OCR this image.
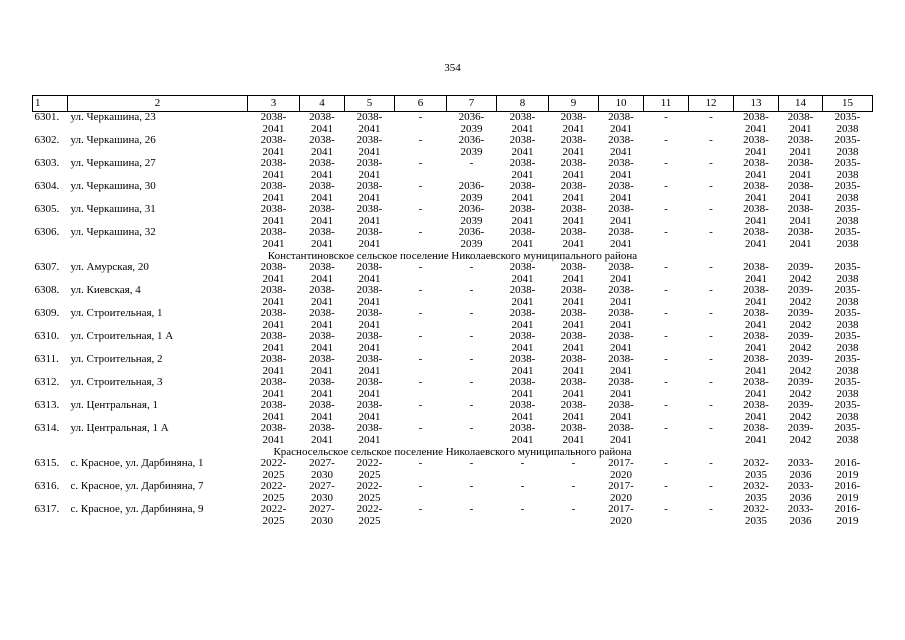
354
1	2	3	4	5	6	7	8	9	10	11	12	13	14	15
6301.	ул. Черкашина, 23	2038-
2041	2038-
2041	2038-
2041	-	2036-
2039	2038-
2041	2038-
2041	2038-
2041	-	-	2038-
2041	2038-
2041	2035-
2038

6302.	ул. Черкашина, 26	2038-
2041	2038-
2041	2038-
2041	-	2036-
2039	2038-
2041	2038-
2041	2038-
2041	-	-	2038-
2041	2038-
2041	2035-
2038

6303.	ул. Черкашина, 27	2038-
2041	2038-
2041	2038-
2041	-	-	2038-
2041	2038-
2041	2038-
2041	-	-	2038-
2041	2038-
2041	2035-
2038

6304.	ул. Черкашина, 30	2038-
2041	2038-
2041	2038-
2041	-	2036-
2039	2038-
2041	2038-
2041	2038-
2041	-	-	2038-
2041	2038-
2041	2035-
2038

6305.	ул. Черкашина, 31	2038-
2041	2038-
2041	2038-
2041	-	2036-
2039	2038-
2041	2038-
2041	2038-
2041	-	-	2038-
2041	2038-
2041	2035-
2038

6306.	ул. Черкашина, 32	2038-
2041	2038-
2041	2038-
2041	-	2036-
2039	2038-
2041	2038-
2041	2038-
2041	-	-	2038-
2041	2038-
2041	2035-
2038

Константиновское сельское поселение Николаевского муниципального района														
6307.	ул. Амурская, 20	2038-
2041	2038-
2041	2038-
2041	-	-	2038-
2041	2038-
2041	2038-
2041	-	-	2038-
2041	2039-
2042	2035-
2038

6308.	ул. Киевская, 4	2038-
2041	2038-
2041	2038-
2041	-	-	2038-
2041	2038-
2041	2038-
2041	-	-	2038-
2041	2039-
2042	2035-
2038

6309.	ул. Строительная, 1	2038-
2041	2038-
2041	2038-
2041	-	-	2038-
2041	2038-
2041	2038-
2041	-	-	2038-
2041	2039-
2042	2035-
2038

6310.	ул. Строительная, 1 А	2038-
2041	2038-
2041	2038-
2041	-	-	2038-
2041	2038-
2041	2038-
2041	-	-	2038-
2041	2039-
2042	2035-
2038

6311.	ул. Строительная, 2	2038-
2041	2038-
2041	2038-
2041	-	-	2038-
2041	2038-
2041	2038-
2041	-	-	2038-
2041	2039-
2042	2035-
2038

6312.	ул. Строительная, 3	2038-
2041	2038-
2041	2038-
2041	-	-	2038-
2041	2038-
2041	2038-
2041	-	-	2038-
2041	2039-
2042	2035-
2038

6313.	ул. Центральная, 1	2038-
2041	2038-
2041	2038-
2041	-	-	2038-
2041	2038-
2041	2038-
2041	-	-	2038-
2041	2039-
2042	2035-
2038

6314.	ул. Центральная, 1 А	2038-
2041	2038-
2041	2038-
2041	-	-	2038-
2041	2038-
2041	2038-
2041	-	-	2038-
2041	2039-
2042	2035-
2038

Красносельское сельское поселение Николаевского муниципального района														
6315.	с. Красное, ул. Дарбиняна, 1	2022-
2025	2027-
2030	2022-
2025	-	-	-	-	2017-
2020	-	-	2032-
2035	2033-
2036	2016-
2019

6316.	с. Красное, ул. Дарбиняна, 7	2022-
2025	2027-
2030	2022-
2025	-	-	-	-	2017-
2020	-	-	2032-
2035	2033-
2036	2016-
2019

6317.	с. Красное, ул. Дарбиняна, 9	2022-
2025	2027-
2030	2022-
2025	-	-	-	-	2017-
2020	-	-	2032-
2035	2033-
2036	2016-
2019
